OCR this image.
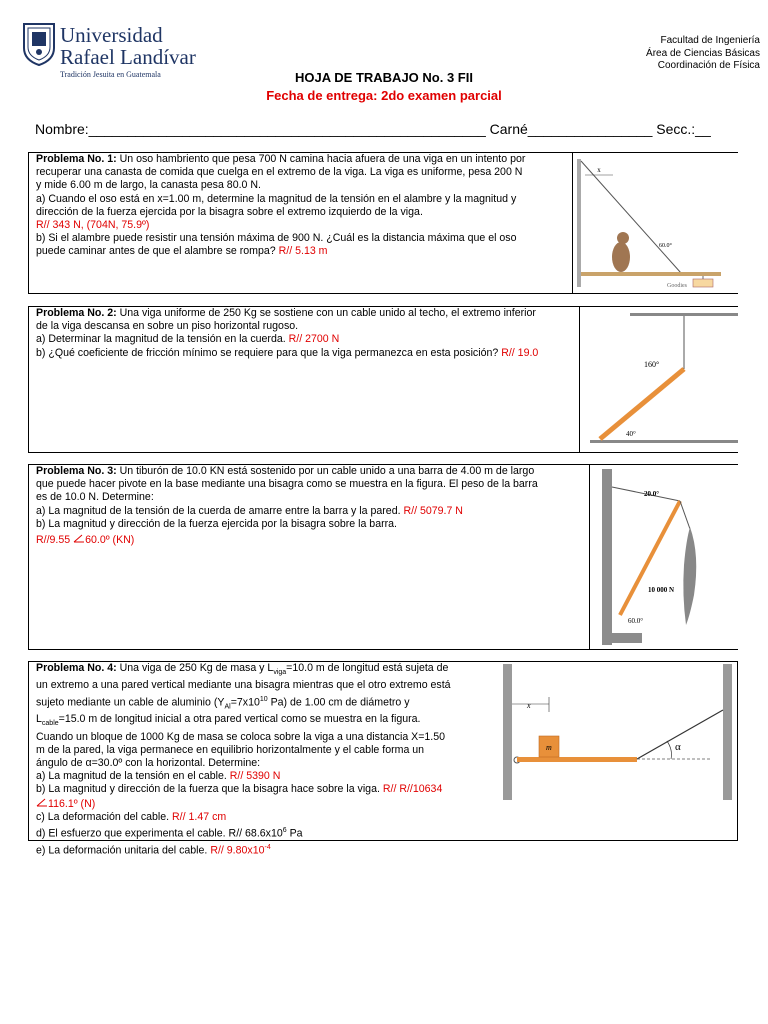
Universidad
Rafael Landívar
Tradición Jesuita en Guatemala
Facultad de Ingeniería
Área de Ciencias Básicas
Coordinación de Física
HOJA DE TRABAJO No. 3 FII
Fecha de entrega: 2do examen parcial
Nombre:___________________________________________________ Carné________________ Secc.:__

Problema No. 1: Un oso hambriento que pesa 700 N camina hacia afuera de una viga en un intento por

recuperar una canasta de comida que cuelga en el extremo de la viga. La viga es uniforme, pesa 200 N

y mide 6.00 m de largo, la canasta pesa 80.0 N.

a) Cuando el oso está en x=1.00 m, determine la magnitud de la tensión en el alambre y la magnitud y

dirección de la fuerza ejercida por la bisagra sobre el extremo izquierdo de la viga.

R// 343 N, (704N, 75.9º)

b) Si el alambre puede resistir una tensión máxima de 900 N. ¿Cuál es la distancia máxima que el oso

puede caminar antes de que el alambre se rompa? R// 5.13 m

x
60.0°
Goodies

Problema No. 2: Una viga uniforme de 250 Kg se sostiene con un cable unido al techo, el extremo inferior

de la viga descansa en sobre un piso horizontal rugoso.

a) Determinar la magnitud de la tensión en la cuerda. R// 2700 N

b) ¿Qué coeficiente de fricción mínimo se requiere para que la viga permanezca en esta posición? R// 19.0

160°
40°

Problema No. 3: Un tiburón de 10.0 KN está sostenido por un cable unido a una barra de 4.00 m de largo

que puede hacer pivote en la base mediante una bisagra como se muestra en la figura. El peso de la barra

es de 10.0 N. Determine:

a) La magnitud de la tensión de la cuerda de amarre entre la barra y la pared. R// 5079.7 N

b) La magnitud y dirección de la fuerza ejercida por la bisagra sobre la barra.

R//9.55 60.0º (KN)

20.0°
10 000 N
60.0°

Problema No. 4: Una viga de 250 Kg de masa y $L_{viga}=10.0$ m de longitud está sujeta de

un extremo a una pared vertical mediante una bisagra mientras que el otro extremo está

sujeto mediante un cable de aluminio ($Y_{Al}=7x10^{10}$ Pa) de 1.00 cm de diámetro y

$L_{cable}=15.0$ m de longitud inicial a otra pared vertical como se muestra en la figura.

Cuando un bloque de 1000 Kg de masa se coloca sobre la viga a una distancia X=1.50

m de la pared, la viga permanece en equilibrio horizontalmente y el cable forma un

ángulo de α=30.0º con la horizontal. Determine:

a) La magnitud de la tensión en el cable. R// 5390 N

b) La magnitud y dirección de la fuerza que la bisagra hace sobre la viga. R// R//10634

116.1º (N)

c) La deformación del cable. R// 1.47 cm

d) El esfuerzo que experimenta el cable. R// $68.6x10^6$ Pa

e) La deformación unitaria del cable. R// $9.80x10^{-4}$

m
x
α
